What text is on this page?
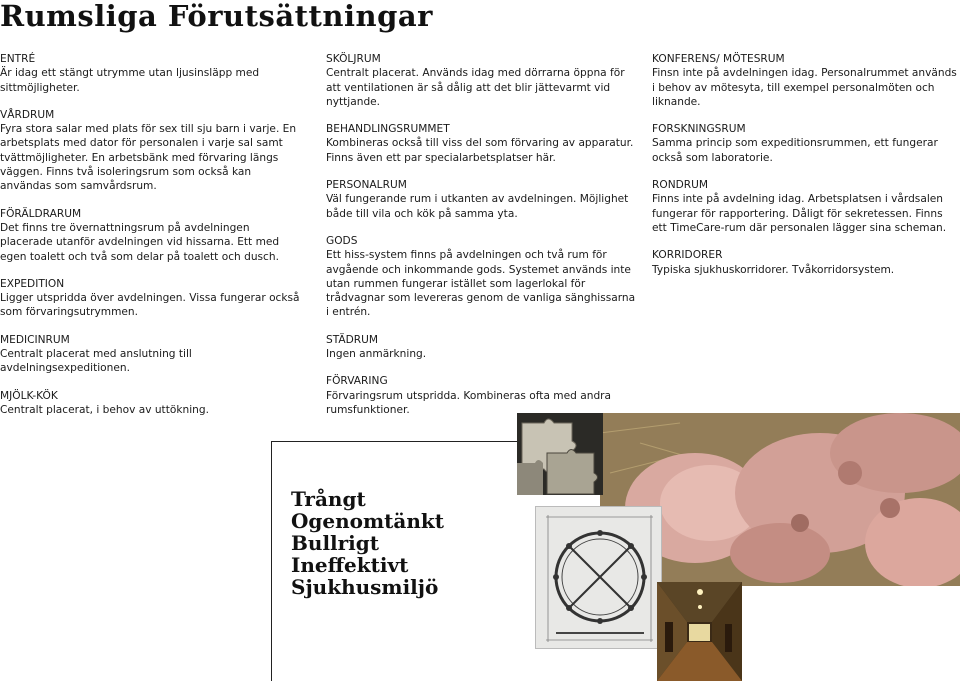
Rumsliga Förutsättningar
ENTRÉ
Är idag ett stängt utrymme utan ljusinsläpp med sittmöjligheter.
VÅRDRUM
Fyra stora salar med plats för sex till sju barn i varje. En arbetsplats med dator för personalen i varje sal samt tvättmöjligheter. En arbetsbänk med förvaring längs väggen. Finns två isoleringsrum som också kan användas som samvårdsrum.
FÖRÄLDRARUM
Det finns tre övernattningsrum på avdelningen placerade utanför avdelningen vid hissarna. Ett med egen toalett och två som delar på toalett och dusch.
EXPEDITION
Ligger utspridda över avdelningen. Vissa fungerar också som förvaringsutrymmen.
MEDICINRUM
Centralt placerat med anslutning till avdelningsexpeditionen.
MJÖLK-KÖK
Centralt placerat, i behov av uttökning.
SKÖLJRUM
Centralt placerat. Används idag med dörrarna öppna för att ventilationen är så dålig att det blir jättevarmt vid nyttjande.
BEHANDLINGSRUMMET
Kombineras också till viss del som förvaring av apparatur. Finns även ett par specialarbetsplatser här.
PERSONALRUM
Väl fungerande rum i utkanten av avdelningen. Möjlighet både till vila och kök på samma yta.
GODS
Ett hiss-system finns på avdelningen och två rum för avgående och inkommande gods. Systemet används inte utan rummen fungerar istället som lagerlokal för trådvagnar som levereras genom de vanliga sänghissarna i entrén.
STÄDRUM
Ingen anmärkning.
FÖRVARING
Förvaringsrum utspridda. Kombineras ofta med andra rumsfunktioner.
KONFERENS/ MÖTESRUM
Finsn inte på avdelningen idag. Personalrummet används i behov av mötesyta, till exempel personalmöten och liknande.
FORSKNINGSRUM
Samma princip som expeditionsrummen, ett fungerar också som laboratorie.
RONDRUM
Finns inte på avdelning idag. Arbetsplatsen i vårdsalen fungerar för rapportering. Dåligt för sekretessen. Finns ett TimeCare-rum där personalen lägger sina scheman.
KORRIDORER
Typiska sjukhuskorridorer. Tvåkorridorsystem.
Trångt
Ogenomtänkt
Bullrigt
Ineffektivt
Sjukhusmiljö
